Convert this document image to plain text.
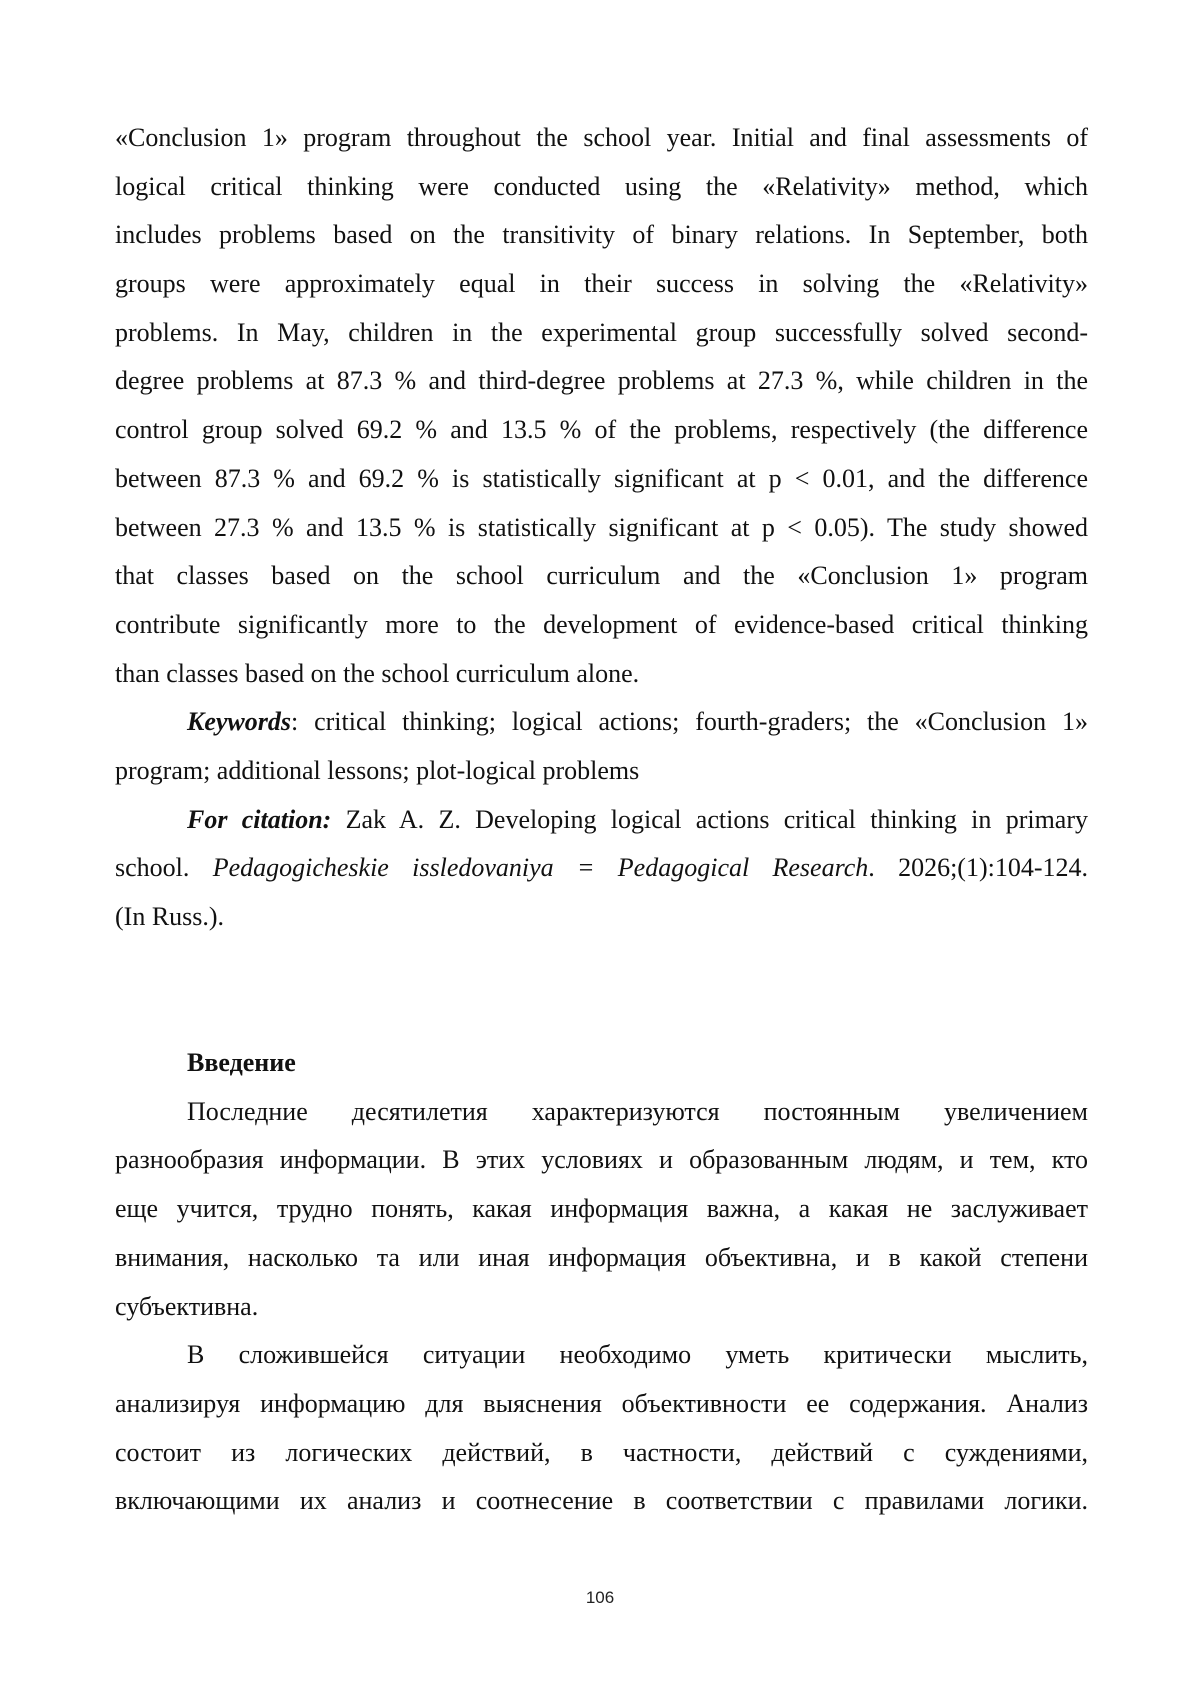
«Conclusion 1» program throughout the school year. Initial and final assessments of
logical critical thinking were conducted using the «Relativity» method, which
includes problems based on the transitivity of binary relations. In September, both
groups were approximately equal in their success in solving the «Relativity»
problems. In May, children in the experimental group successfully solved second-
degree problems at 87.3 % and third-degree problems at 27.3 %, while children in the
control group solved 69.2 % and 13.5 % of the problems, respectively (the difference
between 87.3 % and 69.2 % is statistically significant at p < 0.01, and the difference
between 27.3 % and 13.5 % is statistically significant at p < 0.05). The study showed
that classes based on the school curriculum and the «Conclusion 1» program
contribute significantly more to the development of evidence-based critical thinking
than classes based on the school curriculum alone.
Keywords: critical thinking; logical actions; fourth-graders; the «Conclusion 1»
program; additional lessons; plot-logical problems
For citation: Zak A. Z. Developing logical actions critical thinking in primary
school. Pedagogicheskie issledovaniya = Pedagogical Research. 2026;(1):104-124.
(In Russ.).
Введение
Последние десятилетия характеризуются постоянным увеличением
разнообразия информации. В этих условиях и образованным людям, и тем, кто
еще учится, трудно понять, какая информация важна, а какая не заслуживает
внимания, насколько та или иная информация объективна, и в какой степени
субъективна.
В сложившейся ситуации необходимо уметь критически мыслить,
анализируя информацию для выяснения объективности ее содержания. Анализ
состоит из логических действий, в частности, действий с суждениями,
включающими их анализ и соотнесение в соответствии с правилами логики.
106
